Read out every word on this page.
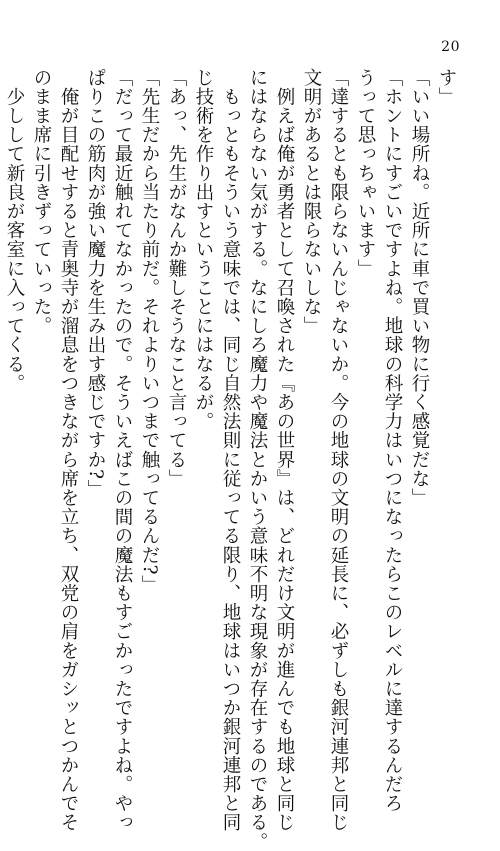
20

す」

「いい場所ね。近所に車で買い物に行く感覚だな」

「ホントにすごいですよね。地球の科学力はいつになったらこのレベルに達するんだろ

うって思っちゃいます」

「達するとも限らないんじゃないか。今の地球の文明の延長に、必ずしも銀河連邦と同じ

文明があるとは限らないしな」

　例えば俺が勇者として召喚された『あの世界』は、どれだけ文明が進んでも地球と同じ

にはならない気がする。なにしろ魔力や魔法とかいう意味不明な現象が存在するのである。

　もっともそういう意味では、同じ自然法則に従ってる限り、地球はいつか銀河連邦と同

じ技術を作り出すということにはなるが。

「あっ、先生がなんか難しそうなこと言ってる」

「先生だから当たり前だ。それよりいつまで触ってるんだ?」

「だって最近触れてなかったので。そういえばこの間の魔法もすごかったですよね。やっ

ぱりこの筋肉が強い魔力を生み出す感じですか?」

　俺が目配せすると青奥寺が溜息をつきながら席を立ち、双党の肩をガシッとつかんでそ

のまま席に引きずっていった。

　少しして新良が客室に入ってくる。
